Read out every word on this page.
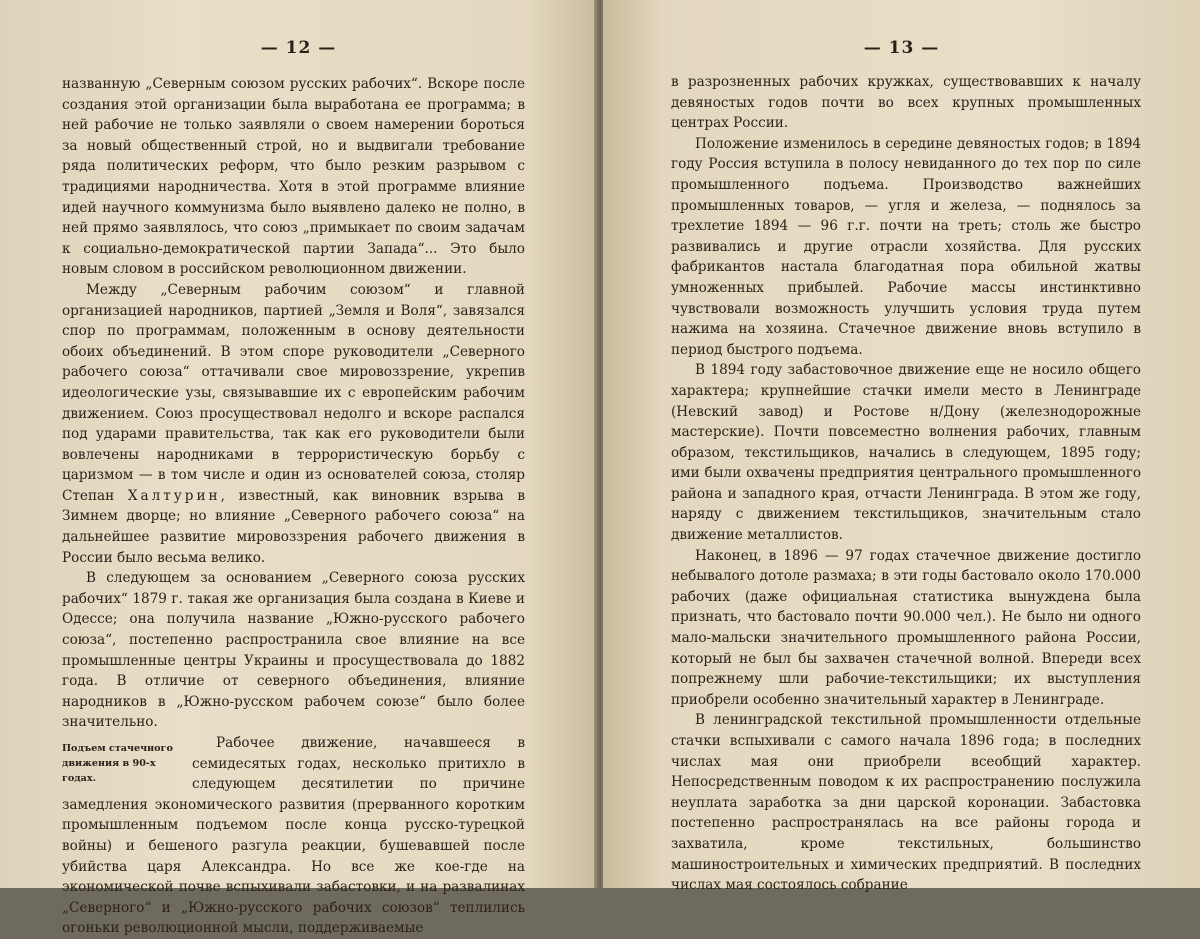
— 12 —

названную „Северным союзом русских рабочих“. Вскоре после создания этой организации была выработана ее программа; в ней рабочие не только заявляли о своем намерении бороться за новый общественный строй, но и выдвигали требование ряда политических реформ, что было резким разрывом с традициями народничества. Хотя в этой программе влияние идей научного коммунизма было выявлено далеко не полно, в ней прямо заявлялось, что союз „примыкает по своим задачам к социально-демократической партии Запада“... Это было новым словом в российском революционном движении.

Между „Северным рабочим союзом“ и главной организацией народников, партией „Земля и Воля“, завязался спор по программам, положенным в основу деятельности обоих объединений. В этом споре руководители „Северного рабочего союза“ оттачивали свое мировоззрение, укрепив идеологические узы, связывавшие их с европейским рабочим движением. Союз просуществовал недолго и вскоре распался под ударами правительства, так как его руководители были вовлечены народниками в террористическую борьбу с царизмом — в том числе и один из основателей союза, столяр Степан Халтурин, известный, как виновник взрыва в Зимнем дворце; но влияние „Северного рабочего союза“ на дальнейшее развитие мировоззрения рабочего движения в России было весьма велико.

В следующем за основанием „Северного союза русских рабочих“ 1879 г. такая же организация была создана в Киеве и Одессе; она получила название „Южно-русского рабочего союза“, постепенно распространила свое влияние на все промышленные центры Украины и просуществовала до 1882 года. В отличие от северного объединения, влияние народников в „Южно-русском рабочем союзе“ было более значительно.

Подъем стачечного движения в 90-х годах.

Рабочее движение, начавшееся в семидесятых годах, несколько притихло в следующем десятилетии по причине замедления экономического развития (прерванного коротким промышленным подъемом после конца русско-турецкой войны) и бешеного разгула реакции, бушевавшей после убийства царя Александра. Но все же кое-где на экономической почве вспыхивали забастовки, и на развалинах „Северного“ и „Южно-русского рабочих союзов“ теплились огоньки революционной мысли, поддерживаемые

— 13 —

в разрозненных рабочих кружках, существовавших к началу девяностых годов почти во всех крупных промышленных центрах России.

Положение изменилось в середине девяностых годов; в 1894 году Россия вступила в полосу невиданного до тех пор по силе промышленного подъема. Производство важнейших промышленных товаров, — угля и железа, — поднялось за трехлетие 1894 — 96 г.г. почти на треть; столь же быстро развивались и другие отрасли хозяйства. Для русских фабрикантов настала благодатная пора обильной жатвы умноженных прибылей. Рабочие массы инстинктивно чувствовали возможность улучшить условия труда путем нажима на хозяина. Стачечное движение вновь вступило в период быстрого подъема.

В 1894 году забастовочное движение еще не носило общего характера; крупнейшие стачки имели место в Ленинграде (Невский завод) и Ростове н/Дону (железнодорожные мастерские). Почти повсеместно волнения рабочих, главным образом, текстильщиков, начались в следующем, 1895 году; ими были охвачены предприятия центрального промышленного района и западного края, отчасти Ленинграда. В этом же году, наряду с движением текстильщиков, значительным стало движение металлистов.

Наконец, в 1896 — 97 годах стачечное движение достигло небывалого дотоле размаха; в эти годы бастовало около 170.000 рабочих (даже официальная статистика вынуждена была признать, что бастовало почти 90.000 чел.). Не было ни одного мало-мальски значительного промышленного района России, который не был бы захвачен стачечной волной. Впереди всех попрежнему шли рабочие-текстильщики; их выступления приобрели особенно значительный характер в Ленинграде.

В ленинградской текстильной промышленности отдельные стачки вспыхивали с самого начала 1896 года; в последних числах мая они приобрели всеобщий характер. Непосредственным поводом к их распространению послужила неуплата заработка за дни царской коронации. Забастовка постепенно распространялась на все районы города и захватила, кроме текстильных, большинство машиностроительных и химических предприятий. В последних числах мая состоялось собрание
